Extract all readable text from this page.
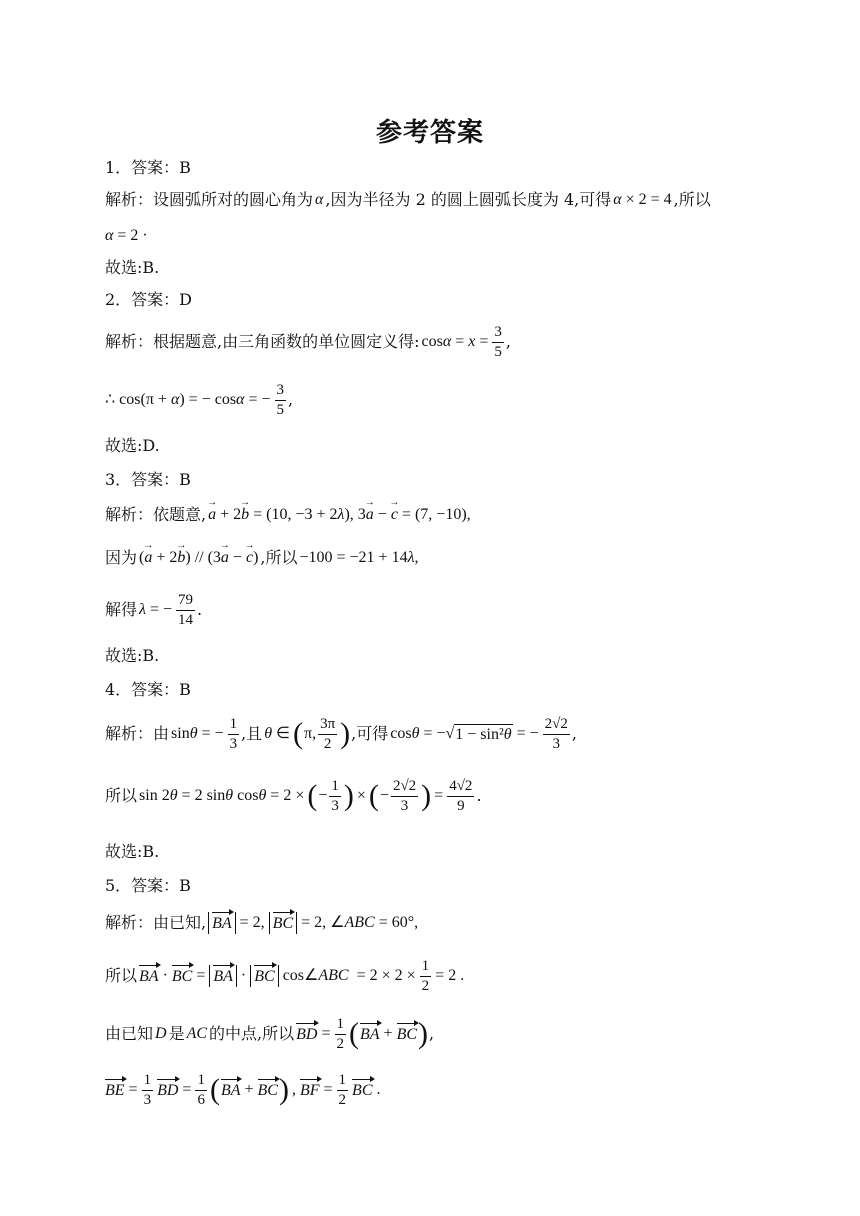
参考答案
1．答案：B
解析：设圆弧所对的圆心角为 α ,因为半径为 2 的圆上圆弧长度为 4,可得 α × 2 = 4 ,所以
α = 2 ·
故选:B.
2．答案：D
解析：根据题意,由三角函数的单位圆定义得: $\cos \alpha = x = \frac{3}{5}$ ,
∴ cos(π + α ) = − cos α = − $\frac{3}{5}$ ,
故选:D.
3．答案：B
解析：依题意, → a + 2 → b = (10, −3 + 2 λ ), 3 → a − → c = (7, −10),
因为 ( → a + 2 → b ) // (3 → a − → c ) ,所以 −100 = −21 + 14 λ ,
解得 λ = − $\frac{79}{14}$ .
故选:B.
4．答案：B
解析：由 sin θ = − $\frac{1}{3}$ ,且 θ ∈ ( π, $\frac{3\pi}{2}$ ) ,可得 cos θ = − √ 1 − sin²θ = − $\frac{2√2}{3}$ ,
所以 sin 2 θ = 2 sin θ cos θ = 2 × ( − $\frac{1}{3}$ ) × ( − $\frac{2√2}{3}$ ) = $\frac{4√2}{9}$ .
故选:B.
5．答案：B
解析：由已知, BA = 2, BC = 2, ∠ ABC = 60°,
所以 BA · BC = BA · BC cos∠ ABC = $2 \times 2 \times \frac{1}{2} = 2$ .
由已知 D 是 AC 的中点,所以 BD = $\frac{1}{2}$ ( BA + BC ) ,
BE = $\frac{1}{3}$ BD = $\frac{1}{6}$ ( BA + BC ) , BF = $\frac{1}{2}$ BC .
